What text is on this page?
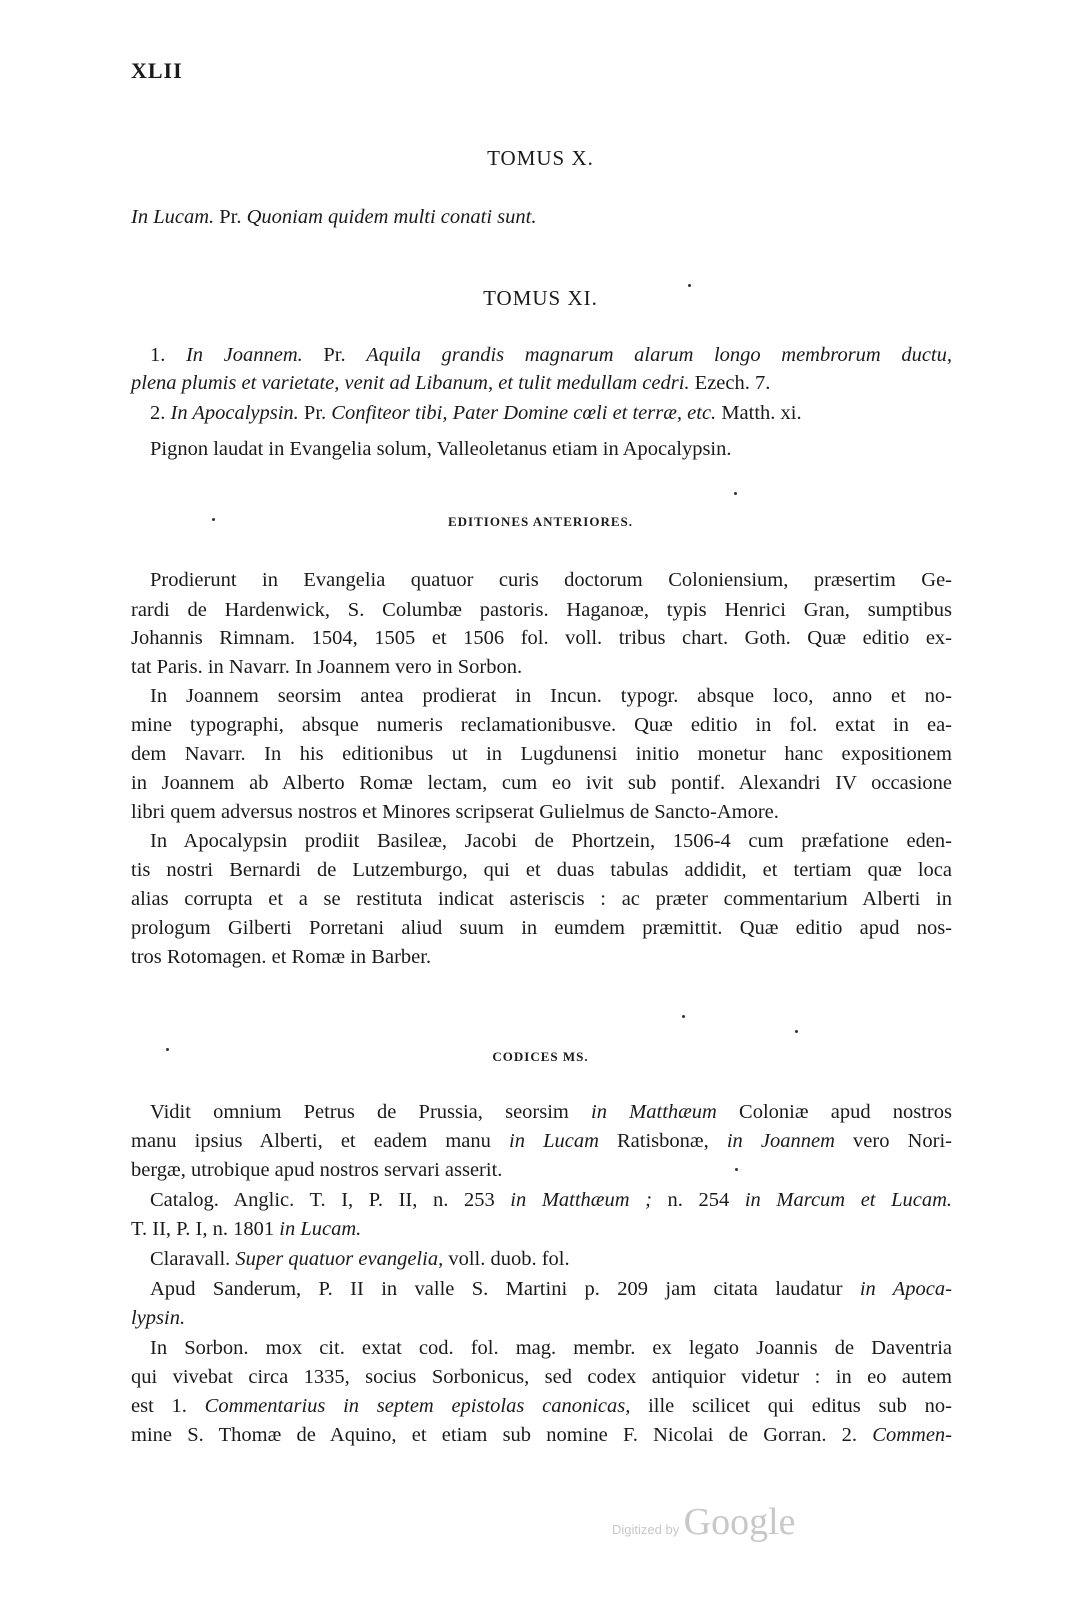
XLII
TOMUS X.
In Lucam. Pr. Quoniam quidem multi conati sunt.
TOMUS XI.
1. In Joannem. Pr. Aquila grandis magnarum alarum longo membrorum ductu,
plena plumis et varietate, venit ad Libanum, et tulit medullam cedri. Ezech. 7.
2. In Apocalypsin. Pr. Confiteor tibi, Pater Domine cœli et terræ, etc. Matth. xi.
Pignon laudat in Evangelia solum, Valleoletanus etiam in Apocalypsin.
EDITIONES ANTERIORES.
Prodierunt in Evangelia quatuor curis doctorum Coloniensium, præsertim Ge-
rardi de Hardenwick, S. Columbæ pastoris. Haganoæ, typis Henrici Gran, sumptibus
Johannis Rimnam. 1504, 1505 et 1506 fol. voll. tribus chart. Goth. Quæ editio ex-
tat Paris. in Navarr. In Joannem vero in Sorbon.
In Joannem seorsim antea prodierat in Incun. typogr. absque loco, anno et no-
mine typographi, absque numeris reclamationibusve. Quæ editio in fol. extat in ea-
dem Navarr. In his editionibus ut in Lugdunensi initio monetur hanc expositionem
in Joannem ab Alberto Romæ lectam, cum eo ivit sub pontif. Alexandri IV occasione
libri quem adversus nostros et Minores scripserat Gulielmus de Sancto-Amore.
In Apocalypsin prodiit Basileæ, Jacobi de Phortzein, 1506-4 cum præfatione eden-
tis nostri Bernardi de Lutzemburgo, qui et duas tabulas addidit, et tertiam quæ loca
alias corrupta et a se restituta indicat asteriscis : ac præter commentarium Alberti in
prologum Gilberti Porretani aliud suum in eumdem præmittit. Quæ editio apud nos-
tros Rotomagen. et Romæ in Barber.
CODICES MS.
Vidit omnium Petrus de Prussia, seorsim in Matthæum Coloniæ apud nostros
manu ipsius Alberti, et eadem manu in Lucam Ratisbonæ, in Joannem vero Nori-
bergæ, utrobique apud nostros servari asserit.
Catalog. Anglic. T. I, P. II, n. 253 in Matthæum ; n. 254 in Marcum et Lucam.
T. II, P. I, n. 1801 in Lucam.
Claravall. Super quatuor evangelia, voll. duob. fol.
Apud Sanderum, P. II in valle S. Martini p. 209 jam citata laudatur in Apoca-
lypsin.
In Sorbon. mox cit. extat cod. fol. mag. membr. ex legato Joannis de Daventria
qui vivebat circa 1335, socius Sorbonicus, sed codex antiquior videtur : in eo autem
est 1. Commentarius in septem epistolas canonicas, ille scilicet qui editus sub no-
mine S. Thomæ de Aquino, et etiam sub nomine F. Nicolai de Gorran. 2. Commen-
Digitized by Google
